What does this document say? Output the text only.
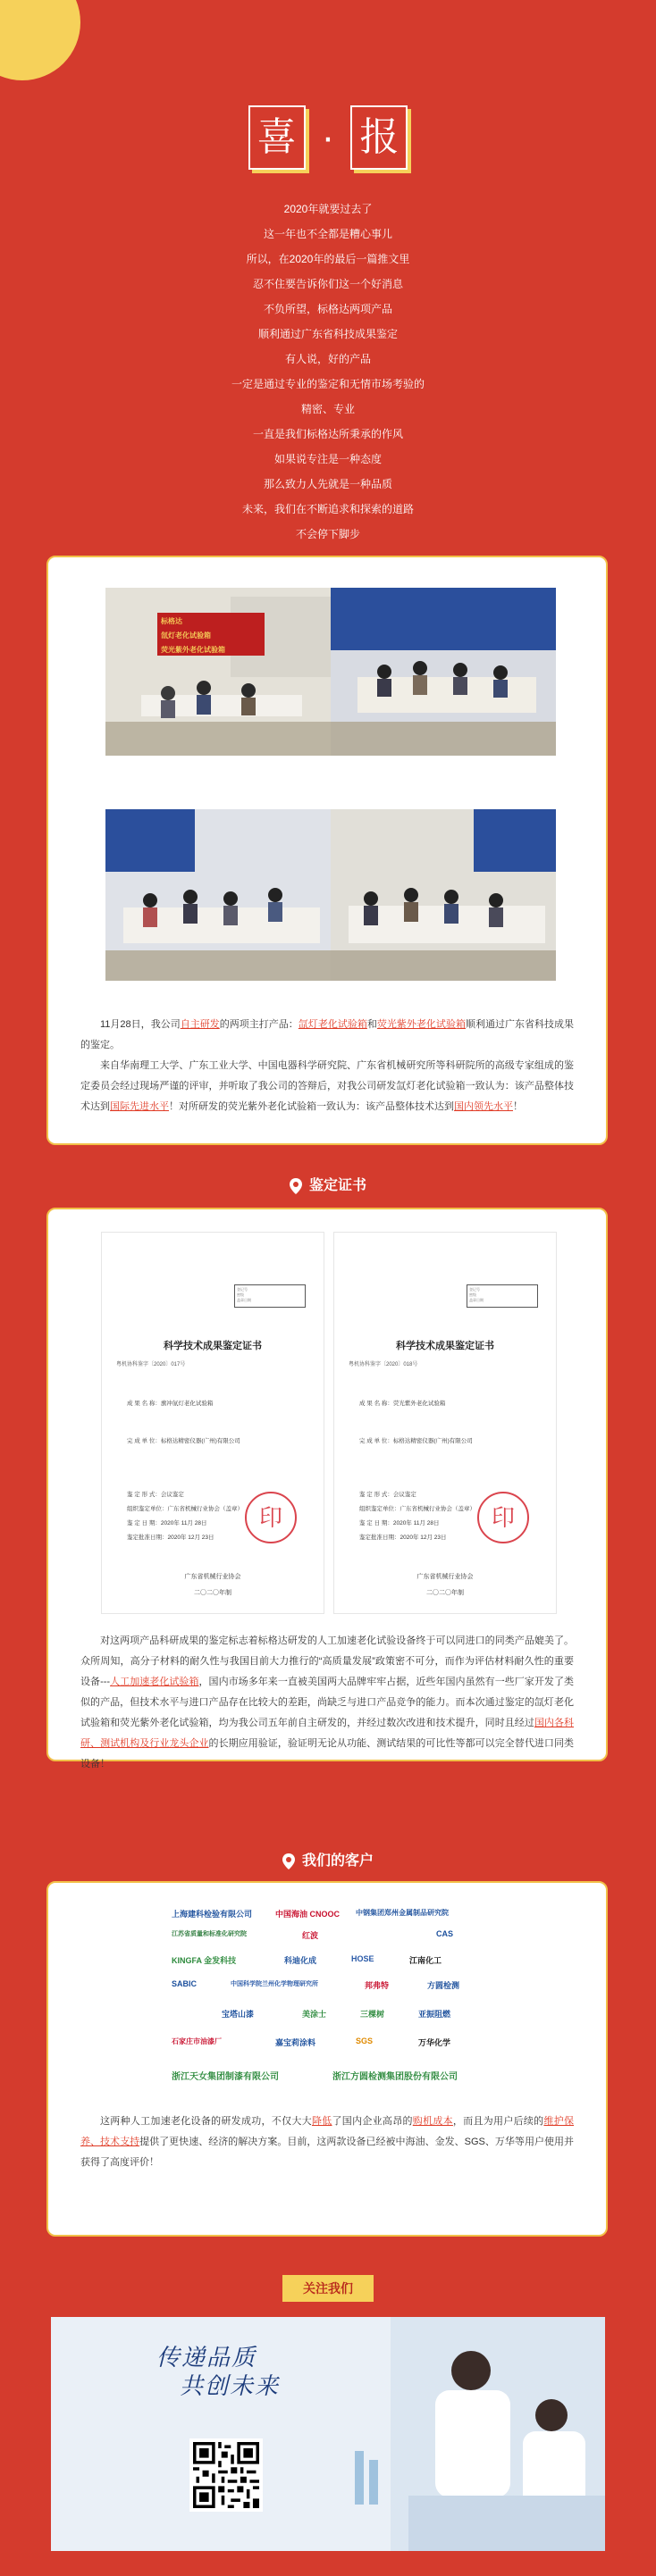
喜 · 报
2020年就要过去了
这一年也不全都是糟心事儿
所以，在2020年的最后一篇推文里
忍不住要告诉你们这一个好消息
不负所望，标格达两项产品
顺利通过广东省科技成果鉴定
有人说，好的产品
一定是通过专业的鉴定和无情市场考验的
精密、专业
一直是我们标格达所秉承的作风
如果说专注是一种态度
那么致力人先就是一种品质
未来，我们在不断追求和探索的道路
不会停下脚步
标格达
氙灯老化试验箱
荧光紫外老化试验箱

11月28日，我公司自主研发的两项主打产品：氙灯老化试验箱和荧光紫外老化试验箱顺利通过广东省科技成果的鉴定。

来自华南理工大学、广东工业大学、中国电器科学研究院、广东省机械研究所等科研院所的高级专家组成的鉴定委员会经过现场严谨的评审，并听取了我公司的答辩后，对我公司研发氙灯老化试验箱一致认为：该产品整体技术达到国际先进水平！对所研发的荧光紫外老化试验箱一致认为：该产品整体技术达到国内领先水平！

鉴定证书
登记号
密级
盖章日期
科学技术成果鉴定证书
粤机协科鉴字〔2020〕017号
成 果 名 称：旗冲氙灯老化试验箱
完 成 单 位：标格达精密仪器(广州)有限公司
鉴 定 形 式：会议鉴定
组织鉴定单位：广东省机械行业协会（盖章）
鉴 定 日 期：2020年 11月 28日
鉴定批准日期：2020年 12月 23日
印
广东省机械行业协会
二〇二〇年制
登记号
密级
盖章日期
科学技术成果鉴定证书
粤机协科鉴字〔2020〕018号
成 果 名 称：荧光紫外老化试验箱
完 成 单 位：标格达精密仪器(广州)有限公司
鉴 定 形 式：会议鉴定
组织鉴定单位：广东省机械行业协会（盖章）
鉴 定 日 期：2020年 11月 28日
鉴定批准日期：2020年 12月 23日
印
广东省机械行业协会
二〇二〇年制

对这两项产品科研成果的鉴定标志着标格达研发的人工加速老化试验设备终于可以同进口的同类产品媲美了。众所周知，高分子材料的耐久性与我国目前大力推行的“高质量发展”政策密不可分，而作为评估材料耐久性的重要设备---人工加速老化试验箱，国内市场多年来一直被美国两大品牌牢牢占据，近些年国内虽然有一些厂家开发了类似的产品，但技术水平与进口产品存在比较大的差距，尚缺乏与进口产品竞争的能力。而本次通过鉴定的氙灯老化试验箱和荧光紫外老化试验箱，均为我公司五年前自主研发的，并经过数次改进和技术提升，同时且经过国内各科研、测试机构及行业龙头企业的长期应用验证，验证明无论从功能、测试结果的可比性等都可以完全替代进口同类设备！

我们的客户
上海建科检验有限公司	中国海油 CNOOC 中钢集团郑州金属制品研究院
江苏省质量和标准化研究院	红波	CAS
KINGFA 金发科技	科迪化成	HOSE	江南化工
SABIC	中国科学院兰州化学物理研究所	邦弗特	方圆检测
宝塔山漆	美涂士	三棵树	亚振阻燃
石家庄市油漆厂	嘉宝莉涂料	SGS	万华化学
浙江天女集团制漆有限公司	浙江方圆检测集团股份有限公司

这两种人工加速老化设备的研发成功，不仅大大降低了国内企业高昂的购机成本，而且为用户后续的维护保养、技术支持提供了更快速、经济的解决方案。目前，这两款设备已经被中海油、金发、SGS、万华等用户使用并获得了高度评价！

关注我们
传递品质
共创未来
